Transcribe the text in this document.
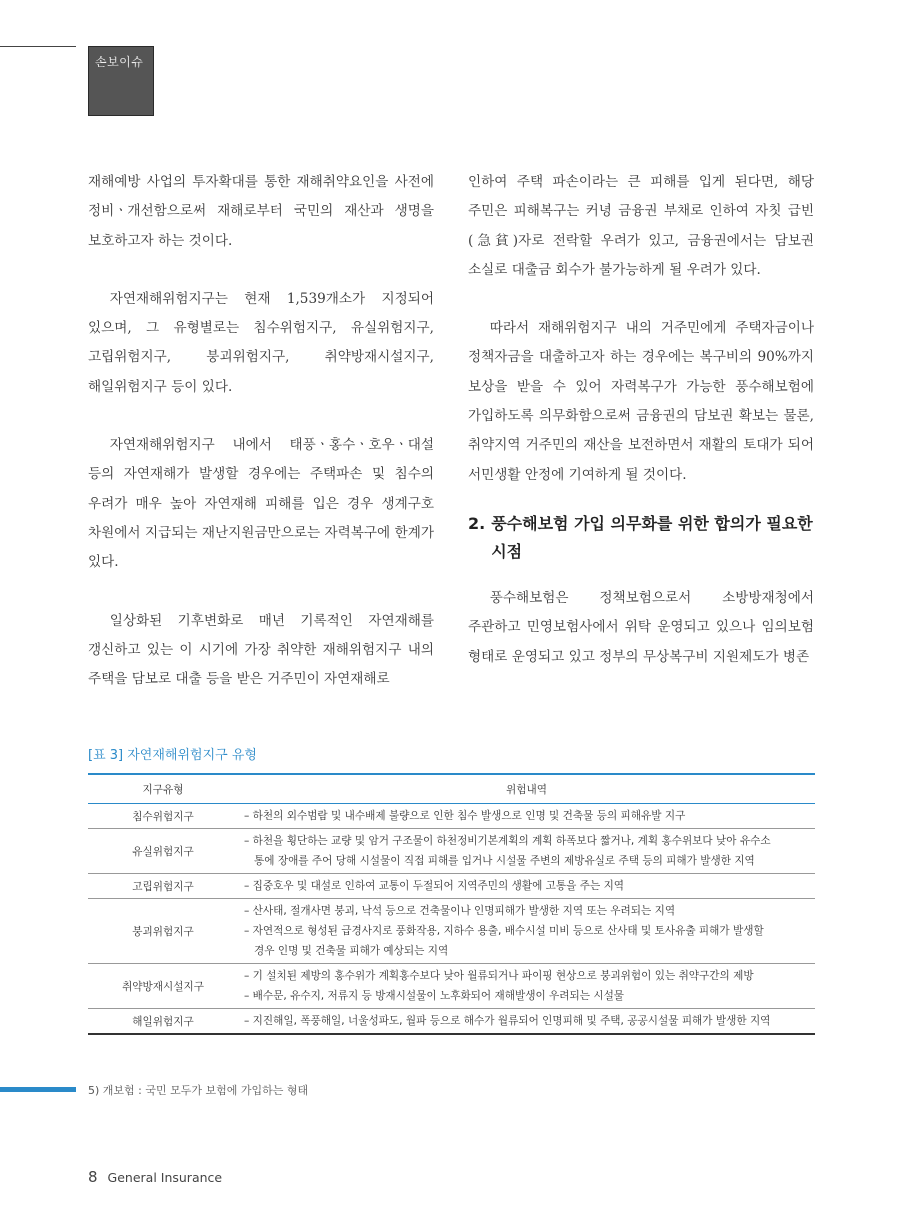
손보이슈

재해예방 사업의 투자확대를 통한 재해취약요인을 사전에 정비ㆍ개선함으로써 재해로부터 국민의 재산과 생명을 보호하고자 하는 것이다.

자연재해위험지구는 현재 1,539개소가 지정되어 있으며, 그 유형별로는 침수위험지구, 유실위험지구, 고립위험지구, 붕괴위험지구, 취약방재시설지구, 해일위험지구 등이 있다.

자연재해위험지구 내에서 태풍ㆍ홍수ㆍ호우ㆍ대설 등의 자연재해가 발생할 경우에는 주택파손 및 침수의 우려가 매우 높아 자연재해 피해를 입은 경우 생계구호 차원에서 지급되는 재난지원금만으로는 자력복구에 한계가 있다.

일상화된 기후변화로 매년 기록적인 자연재해를 갱신하고 있는 이 시기에 가장 취약한 재해위험지구 내의 주택을 담보로 대출 등을 받은 거주민이 자연재해로

인하여 주택 파손이라는 큰 피해를 입게 된다면, 해당 주민은 피해복구는 커녕 금융권 부채로 인하여 자칫 급빈(急貧)자로 전락할 우려가 있고, 금융권에서는 담보권 소실로 대출금 회수가 불가능하게 될 우려가 있다.

따라서 재해위험지구 내의 거주민에게 주택자금이나 정책자금을 대출하고자 하는 경우에는 복구비의 90%까지 보상을 받을 수 있어 자력복구가 가능한 풍수해보험에 가입하도록 의무화함으로써 금융권의 담보권 확보는 물론, 취약지역 거주민의 재산을 보전하면서 재활의 토대가 되어 서민생활 안정에 기여하게 될 것이다.

2. 풍수해보험 가입 의무화를 위한 합의가 필요한 시점

풍수해보험은 정책보험으로서 소방방재청에서 주관하고 민영보험사에서 위탁 운영되고 있으나 임의보험 형태로 운영되고 있고 정부의 무상복구비 지원제도가 병존

[표 3] 자연재해위험지구 유형
지구유형	위험내역
침수위험지구	– 하천의 외수범람 및 내수배제 불량으로 인한 침수 발생으로 인명 및 건축물 등의 피해유발 지구

유실위험지구	– 하천을 횡단하는 교량 및 암거 구조물이 하천정비기본계획의 계획 하폭보다 짧거나, 계획 홍수위보다 낮아 유수소
통에 장애를 주어 당해 시설물이 직접 피해를 입거나 시설물 주변의 제방유실로 주택 등의 피해가 발생한 지역

고립위험지구	– 집중호우 및 대설로 인하여 교통이 두절되어 지역주민의 생활에 고통을 주는 지역

붕괴위험지구	– 산사태, 절개사면 붕괴, 낙석 등으로 건축물이나 인명피해가 발생한 지역 또는 우려되는 지역
– 자연적으로 형성된 급경사지로 풍화작용, 지하수 용출, 배수시설 미비 등으로 산사태 및 토사유출 피해가 발생할
경우 인명 및 건축물 피해가 예상되는 지역

취약방재시설지구	– 기 설치된 제방의 홍수위가 계획홍수보다 낮아 월류되거나 파이핑 현상으로 붕괴위험이 있는 취약구간의 제방
– 배수문, 유수지, 저류지 등 방재시설물이 노후화되어 재해발생이 우려되는 시설물

해일위험지구	– 지진해일, 폭풍해일, 너울성파도, 월파 등으로 해수가 월류되어 인명피해 및 주택, 공공시설물 피해가 발생한 지역
5) 개보험 : 국민 모두가 보험에 가입하는 형태
8 General Insurance
